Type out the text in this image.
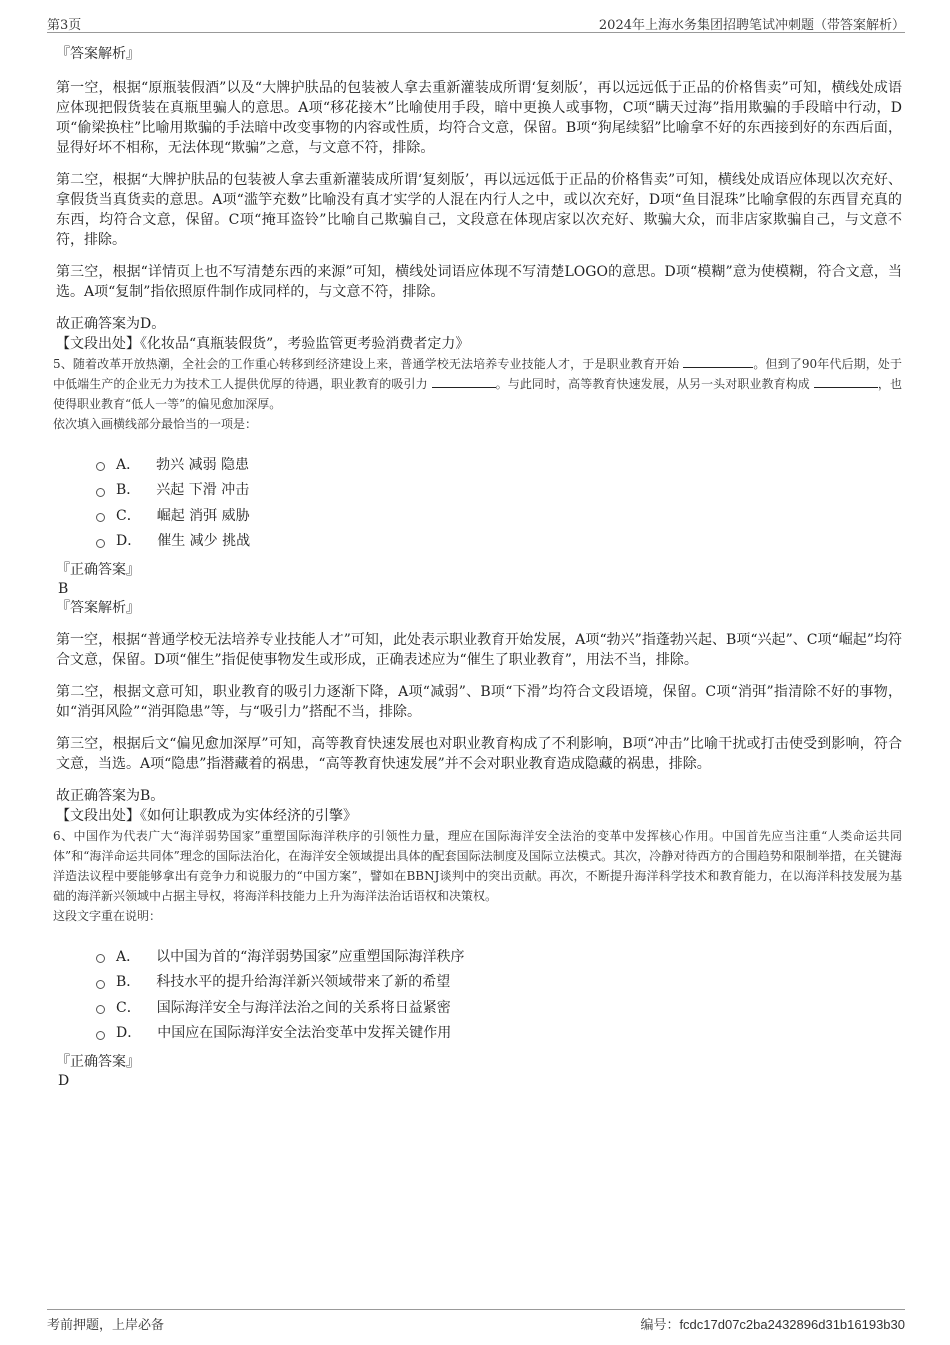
第3页	2024年上海水务集团招聘笔试冲刺题（带答案解析）

『答案解析』

第一空，根据“原瓶装假酒”以及“大牌护肤品的包装被人拿去重新灌装成所谓‘复刻版’，再以远远低于正品的价格售卖”可知，横线处成语应体现把假货装在真瓶里骗人的意思。A项“移花接木”比喻使用手段，暗中更换人或事物，C项“瞒天过海”指用欺骗的手段暗中行动，D项“偷梁换柱”比喻用欺骗的手法暗中改变事物的内容或性质，均符合文意，保留。B项“狗尾续貂”比喻拿不好的东西接到好的东西后面，显得好坏不相称，无法体现“欺骗”之意，与文意不符，排除。

第二空，根据“大牌护肤品的包装被人拿去重新灌装成所谓‘复刻版’，再以远远低于正品的价格售卖”可知，横线处成语应体现以次充好、拿假货当真货卖的意思。A项“滥竽充数”比喻没有真才实学的人混在内行人之中，或以次充好，D项“鱼目混珠”比喻拿假的东西冒充真的东西，均符合文意，保留。C项“掩耳盗铃”比喻自己欺骗自己，文段意在体现店家以次充好、欺骗大众，而非店家欺骗自己，与文意不符，排除。

第三空，根据“详情页上也不写清楚东西的来源”可知，横线处词语应体现不写清楚LOGO的意思。D项“模糊”意为使模糊，符合文意，当选。A项“复制”指依照原件制作成同样的，与文意不符，排除。

故正确答案为D。

【文段出处】《化妆品“真瓶装假货”，考验监管更考验消费者定力》

5、随着改革开放热潮，全社会的工作重心转移到经济建设上来，普通学校无法培养专业技能人才，于是职业教育开始	。但到了90年代后期，处于中低端生产的企业无力为技术工人提供优厚的待遇，职业教育的吸引力	。与此同时，高等教育快速发展，从另一头对职业教育构成	，也使得职业教育“低人一等”的偏见愈加深厚。

依次填入画横线部分最恰当的一项是：

A． 勃兴 减弱 隐患
B． 兴起 下滑 冲击
C． 崛起 消弭 威胁
D． 催生 减少 挑战

『正确答案』

B

『答案解析』

第一空，根据“普通学校无法培养专业技能人才”可知，此处表示职业教育开始发展，A项“勃兴”指蓬勃兴起、B项“兴起”、C项“崛起”均符合文意，保留。D项“催生”指促使事物发生或形成，正确表述应为“催生了职业教育”，用法不当，排除。

第二空，根据文意可知，职业教育的吸引力逐渐下降，A项“减弱”、B项“下滑”均符合文段语境，保留。C项“消弭”指清除不好的事物，如“消弭风险”“消弭隐患”等，与“吸引力”搭配不当，排除。

第三空，根据后文“偏见愈加深厚”可知，高等教育快速发展也对职业教育构成了不利影响，B项“冲击”比喻干扰或打击使受到影响，符合文意，当选。A项“隐患”指潜藏着的祸患，“高等教育快速发展”并不会对职业教育造成隐藏的祸患，排除。

故正确答案为B。

【文段出处】《如何让职教成为实体经济的引擎》

6、中国作为代表广大“海洋弱势国家”重塑国际海洋秩序的引领性力量，理应在国际海洋安全法治的变革中发挥核心作用。中国首先应当注重“人类命运共同体”和“海洋命运共同体”理念的国际法治化，在海洋安全领域提出具体的配套国际法制度及国际立法模式。其次，冷静对待西方的合围趋势和限制举措，在关键海洋造法议程中要能够拿出有竞争力和说服力的“中国方案”，譬如在BBNJ谈判中的突出贡献。再次，不断提升海洋科学技术和教育能力，在以海洋科技发展为基础的海洋新兴领域中占据主导权，将海洋科技能力上升为海洋法治话语权和决策权。

这段文字重在说明：

A． 以中国为首的“海洋弱势国家”应重塑国际海洋秩序
B． 科技水平的提升给海洋新兴领域带来了新的希望
C． 国际海洋安全与海洋法治之间的关系将日益紧密
D． 中国应在国际海洋安全法治变革中发挥关键作用

『正确答案』

D

考前押题，上岸必备	编号：fcdc17d07c2ba2432896d31b16193b30
